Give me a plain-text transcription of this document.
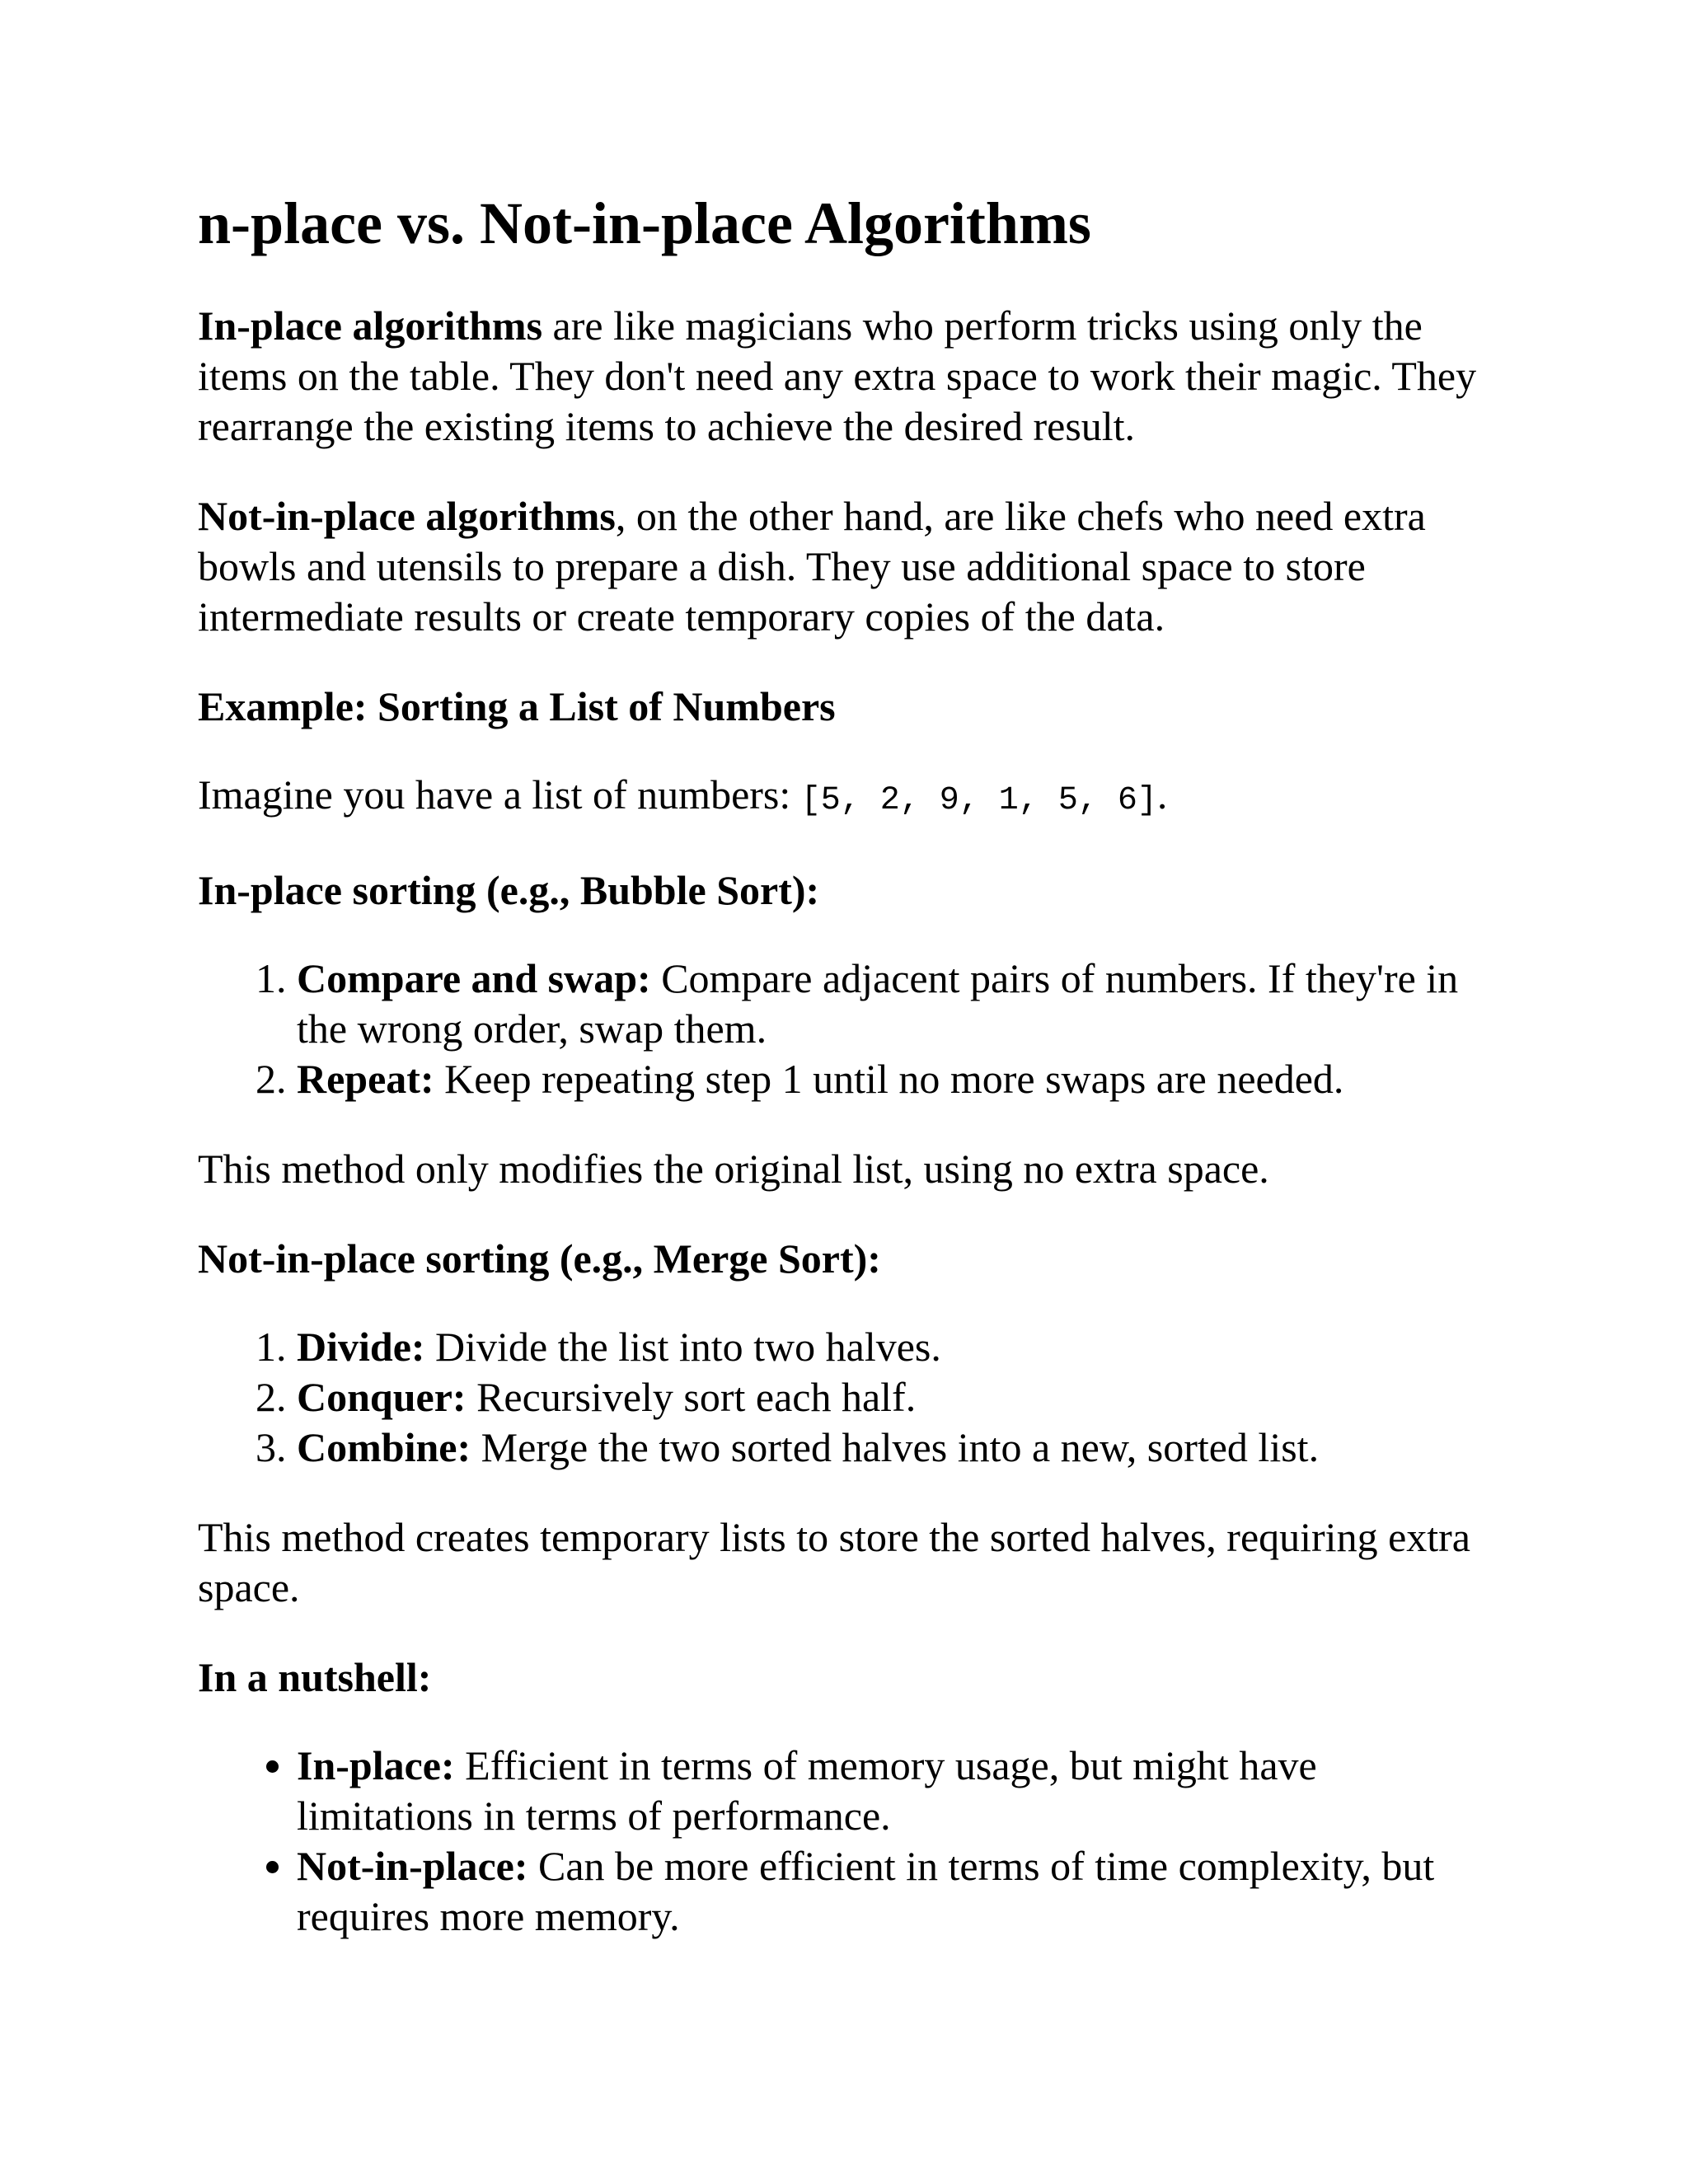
n-place vs. Not-in-place Algorithms

In-place algorithms are like magicians who perform tricks using only the items on the table. They don't need any extra space to work their magic. They rearrange the existing items to achieve the desired result.

Not-in-place algorithms, on the other hand, are like chefs who need extra bowls and utensils to prepare a dish. They use additional space to store intermediate results or create temporary copies of the data.

Example: Sorting a List of Numbers

Imagine you have a list of numbers: [5, 2, 9, 1, 5, 6].

In-place sorting (e.g., Bubble Sort):
1. Compare and swap: Compare adjacent pairs of numbers. If they're in the wrong order, swap them.
2. Repeat: Keep repeating step 1 until no more swaps are needed.

This method only modifies the original list, using no extra space.

Not-in-place sorting (e.g., Merge Sort):
1. Divide: Divide the list into two halves.
2. Conquer: Recursively sort each half.
3. Combine: Merge the two sorted halves into a new, sorted list.

This method creates temporary lists to store the sorted halves, requiring extra space.

In a nutshell:
• In-place: Efficient in terms of memory usage, but might have limitations in terms of performance.
• Not-in-place: Can be more efficient in terms of time complexity, but requires more memory.
